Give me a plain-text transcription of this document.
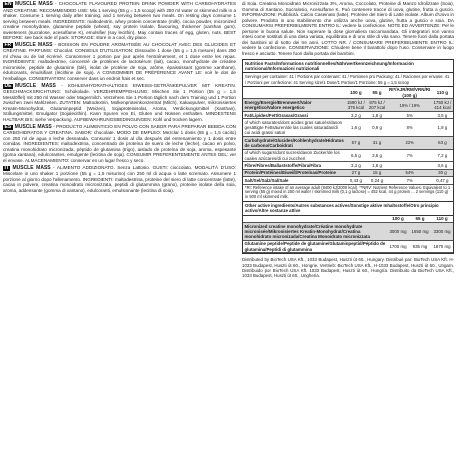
EN MUSCLE MASS - CHOCOLATE FLAVOURED PROTEIN DRINK POWDER WITH CARBOHYDRATES AND CREATINE. RECOMMENDED USE: Mix 1 serving (55 g = 1,5 scoop) with 250 ml water or skimmed milk in a shaker. Consume 1 serving daily after training, and 1 serving between two meals. On resting days consume 1 serving between meals. INGREDIENTS: maltodextrin, whey protein concentrate (milk), cocoa powder, micronized creatine monohydrate, glutamine peptide (wheat), soy protein isolate, flavouring, thickener (xanthan gum), sweeteners (sucralose, acesulfame K), emulsifier (soy lecithin). May contain traces of egg, gluten, nuts. BEST BEFORE: see back side of pack. STORAGE: store in a cool, dry place.

FR MUSCLE MASS - BOISSON EN POUDRE AROMATISÉE AU CHOCOLAT AVEC DES GLUCIDES ET CRÉATINE. PARFUMS: Chocolat. CONSEILS D'UTILISATION: Dissoudre 1 dose (55 g = 1,5 mesure) dans 250 ml d'eau ou de lait écrémé. Consommer 1 portion par jour après l'entraînement, et 1 dose entre les repas. INGRÉDIENTS: maltodextrine, concentré de protéines de lactosérum (lait), cacao, monohydrate de créatine micronisée, peptide de glutamine (blé), isolat de protéine de soja, arôme, épaississant (gomme xanthane), édulcorants, émulsifiant (lécithine de soja). A CONSOMMER DE PRÉFÉRENCE AVANT LE: voir le dos de l'emballage. CONSERVATION: conserver dans un endroit frais et sec.

DE MUSCLE MASS - KOHLENHYDRATHALTIGES EIWEISS-GETRÄNKEPULVER MIT KREATIN. GESCHMACKSRICHTUNG: Schokolade. VERZEHREMPFEHLUNG: Mischen Sie 1 Portion (55 g = 1,5 Messlöffel) mit 250 ml Wasser oder Magermilch. Verzehren Sie 1 Portion täglich nach dem Training und 1 Portion zwischen zwei Mahlzeiten. ZUTATEN: Maltodextrin, Molkenproteinkonzentrat (Milch), Kakaopulver, mikronisiertes Kreatin-Monohydrat, Glutaminpeptid (Weizen), Sojaproteinisolat, Aroma, Verdickungsmittel (Xanthan), Süßungsmittel, Emulgator (Sojalecithin). Kann Spuren von Ei, Gluten und Nüssen enthalten. MINDESTENS HALTBAR BIS: siehe Verpackung. AUFBEWAHRUNGSBEDINGUNGEN: Kühl und trocken lagern.

ES MUSCLE MASS - PRODUCTO ALIMENTICIO EN POLVO CON SABOR PARA PREPARAR BEBIDA CON CARBOHIDRATOS Y CREATINA. SABOR: chocolate. MODO DE EMPLEO: Mezclar 1 dosis (55 g = 1,5 cacito) con 250 ml de agua o leche desnatada. Consumir 1 dosis al día después del entrenamiento y 1 dosis entre comidas. INGREDIENTES: maltodextrina, concentrado de proteína de suero de leche (leche), cacao en polvo, creatina monohidrato micronizada, péptido de glutamina (trigo), aislado de proteína de soja, aroma, espesante (goma xantana), edulcorantes, emulgente (lecitina de soja). CONSUMIR PREFERENTEMENTE ANTES DEL: ver el envase. ALMACENAMIENTO: conservar en un lugar fresco y seco.

IT MUSCLE MASS - ALIMENTO ADDIZIONATO. Senza Lattosio. GUSTI: cioccolato. MODALITÀ D'USO: Miscelare in uno shaker 1 porzione (55 g = 1,5 misurino) con 250 ml di acqua o latte scremato. Assumere 1 porzione al giorno dopo l'allenamento. INGREDIENTI: maltodestrina, proteine del siero di latte concentrate (latte), cacao in polvere, creatina monoidrato micronizzata, peptidi di glutammina (grano), proteine isolate della soia, aroma, addensante (gomma di xantano), edulcoranti, emulsionante (lecitina di soia).

di Soia. Creatina Monoidrato Micronizzata 3%, Aroma, Coccolato, Proteine di Manzo Idrolizzate (Soia), Gomma di Xantano, Sucralosio, Acesulfame K. Può contenere tracce di uova, glutine, frutta a guscio. INFORMAZIONI: Pubblicità. Calcio Caseinato (latte). Proteine del Siero di Latte isolate. Album d'Uovo in polvere. Prodotto in uno stabilimento che utilizza anche uova, glutine, frutta a guscio e soia. DA CONSUMARSI PREFERIBILMENTE ENTRO IL: vedere la confezione. NOTE ED AVVERTENZE: Per le persone in buona salute. Non superare la dose giornaliera raccomandata. Gli integratori non vanno intesi come sostituti di una dieta variata, equilibrata e di uno stile di vita sano. Tenere fuori dalla portata dei bambini al di sotto dei tre anni. LOTTO NR. / CONSUMARE PREFERIBILMENTE ENTRO IL: vedere la confezione. CONSERVAZIONE: Chiudere bene il barattolo dopo l'uso. Conservare in luogo fresco e asciutto. Tenere fuori dalla portata dei bambini.

Nutrition Facts/Informations nutritionnelles/Nährwertkennzeichnung/Información nutricional/Informazioni nutrizionali
Servings per container: 41 / Portions par contenant: 41 / Portionen pro Packung: 41 / Raciones por envase: 41 / Porzioni per confezione: 41 Serving size/1 Dose/1 Portion/1 Porzione: 55 g = 1,5 scoop
	100 g	55 g	RI*/AJR/RM/VRN/RI (100 g)	110 g
Energy/Energie/Brennwert/Valor energético/Valore energetico	1590 kJ / 376 kcal	875 kJ / 207 kcal	19% / 19%	1750 kJ / 414 kcal
Fat/Lipides/Fett/Grasas/Grassi	3,2 g	1,8 g	5%	3,5 g
of which saturates/dont acides gras saturés/davon gesättigte Fettsäuren/de las cuales saturadas/di cui acidi grassi saturi	1,6 g	0,9 g	8%	1,8 g
Carbohydrate/Glucides/Kohlenhydrate/Hidratos de carbono/Carboidrati	57 g	31 g	22%	63 g
of which sugars/dont sucres/davon Zucker/de los cuales azúcares/di cui zuccheri	6,5 g	3,6 g	7%	7,2 g
Fibre/Fibres/Ballaststoffe/Fibra/Fibra	3,3 g	1,8 g		3,6 g
Protein/Protéines/Eiweiß/Proteínas/Proteine	27 g	15 g	54%	30 g
Salt/Sel/Salz/Sal/Sale	0,43 g	0,24 g	7%	0,47 g
*RI: Reference intake of an average adult (8400 kJ/2000 kcal). **NRV: Nutrient Reference Values. Equivalent to 1 serving (55 g) mixed in 250 ml water / skimmed milk (0,1 g lactose) = 452 kcal, 44 g protein ... 2 servings (110 g) in 500 ml skimmed milk.
Other active ingredients/Autres substances actives/Sonstige aktive Inhaltsstoffe/Otro principio activo/Altre sostanze attive
	100 g	55 g	110 g
Micronized creatine monohydrate/Créatine monohydrate micronisée/Mikronisiertes Kreatin-Monohydrat/Creatina monohidrato micronizada/Creatina Monoidrato micronizzata	3000 mg	1650 mg	3300 mg
Glutamine peptide/Peptide de glutamine/Glutaminpeptid/Péptido de glutamina/Peptidi di glutammina	1700 mg	935 mg	1870 mg

Distributed by BioTech USA Kft., 1033 Budapest, Huszti út 60., Hungary. Distribué par: BioTech USA Kft. H-1033 Budapest, Huszti út 60., Hongrie. Vertrieb: BioTech USA Kft., H-1033 Budapest, Huszti út 60., Ungarn. Distribuido por BioTech USA Kft. 1033 Budapest, Huszti út 60., Hungría. Distribuito da BioTech USA Kft., 1033 Budapest, Huszti út 60., Ungheria.
